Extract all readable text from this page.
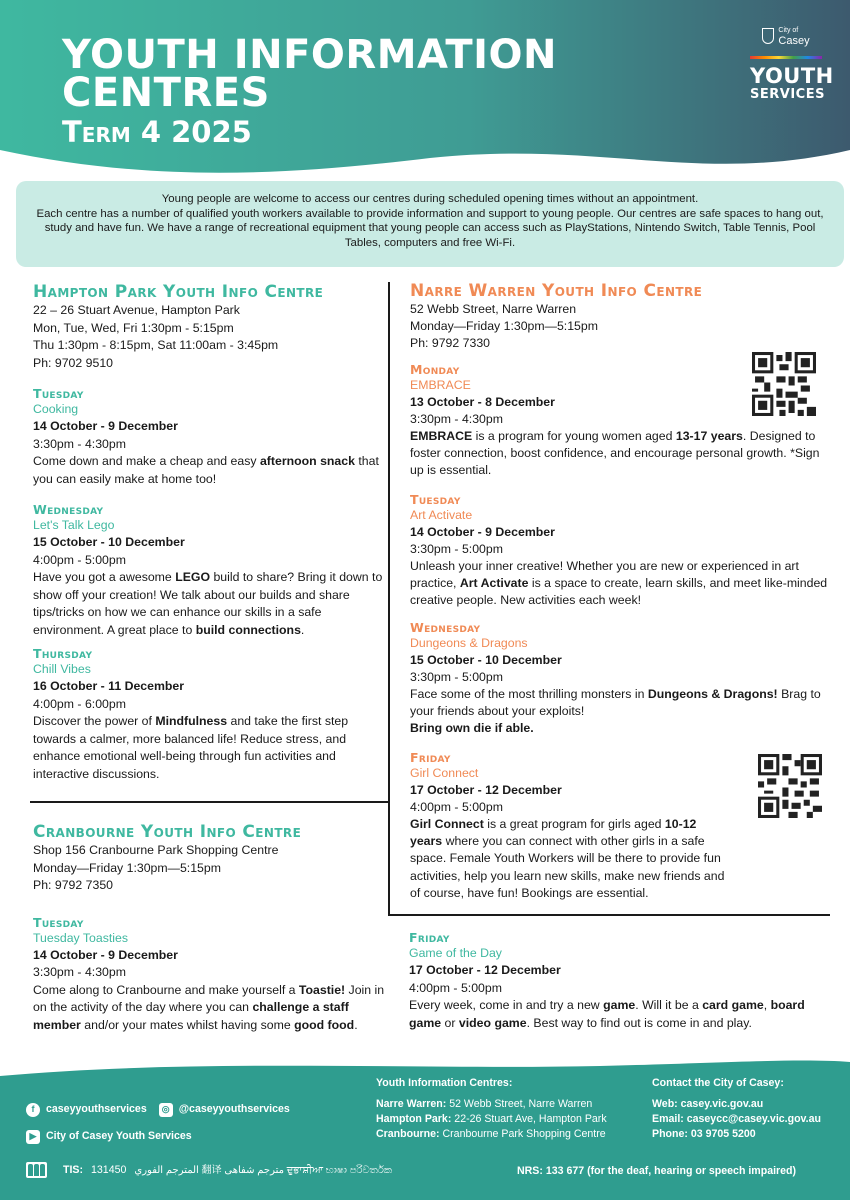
YOUTH INFORMATION
CENTRES
Term 4 2025
City of
Casey
YOUTH
SERVICES
Young people are welcome to access our centres during scheduled opening times without an appointment.
Each centre has a number of qualified youth workers available to provide information and support to young people. Our centres are safe spaces to hang out, study and have fun. We have a range of recreational equipment that young people can access such as PlayStations, Nintendo Switch, Table Tennis, Pool Tables, computers and free Wi-Fi.
Hampton Park Youth Info Centre
22 – 26 Stuart Avenue, Hampton Park
Mon, Tue, Wed, Fri 1:30pm - 5:15pm
Thu 1:30pm - 8:15pm, Sat 11:00am - 3:45pm
Ph: 9702 9510
Tuesday
Cooking
14 October - 9 December
3:30pm - 4:30pm
Come down and make a cheap and easy afternoon snack that you can easily make at home too!
Wednesday
Let's Talk Lego
15 October - 10 December
4:00pm - 5:00pm
Have you got a awesome LEGO build to share? Bring it down to show off your creation! We talk about our builds and share tips/tricks on how we can enhance our skills in a safe environment. A great place to build connections.
Thursday
Chill Vibes
16 October - 11 December
4:00pm - 6:00pm
Discover the power of Mindfulness and take the first step towards a calmer, more balanced life! Reduce stress, and enhance emotional well-being through fun activities and interactive discussions.
Cranbourne Youth Info Centre
Shop 156 Cranbourne Park Shopping Centre
Monday—Friday 1:30pm—5:15pm
Ph: 9792 7350
Tuesday
Tuesday Toasties
14 October - 9 December
3:30pm - 4:30pm
Come along to Cranbourne and make yourself a Toastie! Join in on the activity of the day where you can challenge a staff member and/or your mates whilst having some good food.
Narre Warren Youth Info Centre
52 Webb Street, Narre Warren
Monday—Friday 1:30pm—5:15pm
Ph: 9792 7330
Monday
EMBRACE
13 October - 8 December
3:30pm - 4:30pm
EMBRACE is a program for young women aged 13-17 years. Designed to foster connection, boost confidence, and encourage personal growth. *Sign up is essential.
Tuesday
Art Activate
14 October - 9 December
3:30pm - 5:00pm
Unleash your inner creative! Whether you are new or experienced in art practice, Art Activate is a space to create, learn skills, and meet like-minded creative people. New activities each week!
Wednesday
Dungeons & Dragons
15 October - 10 December
3:30pm - 5:00pm
Face some of the most thrilling monsters in Dungeons & Dragons! Brag to your friends about your exploits!
Bring own die if able.
Friday
Girl Connect
17 October - 12 December
4:00pm - 5:00pm
Girl Connect is a great program for girls aged 10-12 years where you can connect with other girls in a safe space. Female Youth Workers will be there to provide fun activities, help you learn new skills, make new friends and of course, have fun! Bookings are essential.
Friday
Game of the Day
17 October - 12 December
4:00pm - 5:00pm
Every week, come in and try a new game. Will it be a card game, board game or video game. Best way to find out is come in and play.
f	caseyyouthservices	◎ @caseyyouthservices
▶ City of Casey Youth Services
Youth Information Centres:
Narre Warren: 52 Webb Street, Narre Warren
Hampton Park: 22-26 Stuart Ave, Hampton Park
Cranbourne: Cranbourne Park Shopping Centre
Contact the City of Casey:
Web: casey.vic.gov.au
Email: caseycc@casey.vic.gov.au
Phone: 03 9705 5200
TIS: 131450 المترجم الفوري 翻译 مترجم شفاهی ਦੁਭਾਸ਼ੀਆ භාෂා පරිවර්තක	NRS: 133 677 (for the deaf, hearing or speech impaired)
